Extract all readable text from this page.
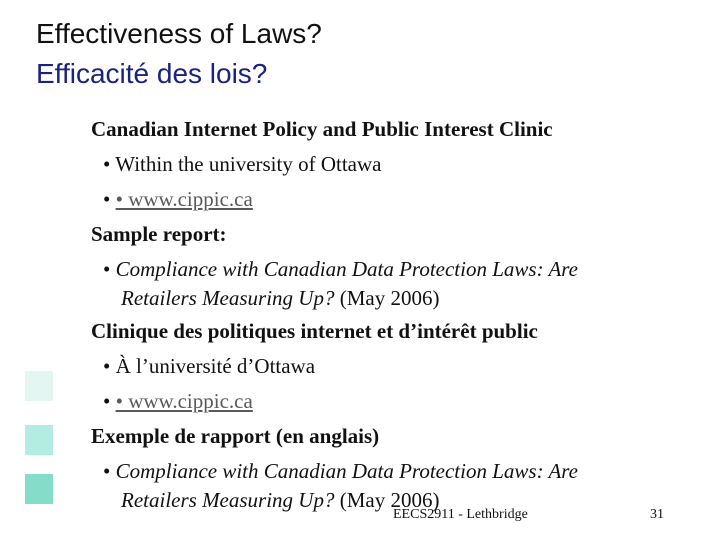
Effectiveness of Laws?
Efficacité des lois?
Canadian Internet Policy and Public Interest Clinic
• Within the university of Ottawa
• • www.cippic.ca
Sample report:
• Compliance with Canadian Data Protection Laws: Are
Retailers Measuring Up? (May 2006)
Clinique des politiques internet et d’intérêt public
• À l’université d’Ottawa
• • www.cippic.ca
Exemple de rapport (en anglais)
• Compliance with Canadian Data Protection Laws: Are
Retailers Measuring Up? (May 2006)
EECS2911 - Lethbridge	31
